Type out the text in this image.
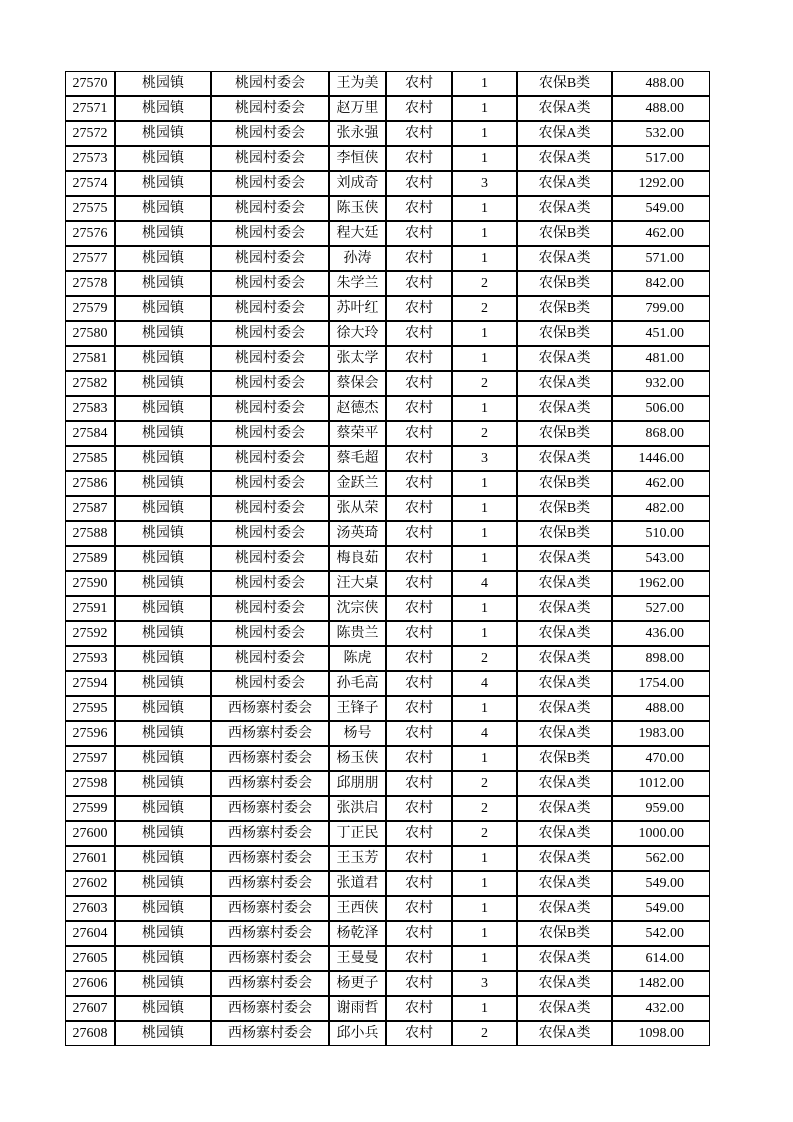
27570	桃园镇	桃园村委会	王为美	农村	1	农保B类	488.00
27571	桃园镇	桃园村委会	赵万里	农村	1	农保A类	488.00
27572	桃园镇	桃园村委会	张永强	农村	1	农保A类	532.00
27573	桃园镇	桃园村委会	李恒侠	农村	1	农保A类	517.00
27574	桃园镇	桃园村委会	刘成奇	农村	3	农保A类	1292.00
27575	桃园镇	桃园村委会	陈玉侠	农村	1	农保A类	549.00
27576	桃园镇	桃园村委会	程大廷	农村	1	农保B类	462.00
27577	桃园镇	桃园村委会	孙涛	农村	1	农保A类	571.00
27578	桃园镇	桃园村委会	朱学兰	农村	2	农保B类	842.00
27579	桃园镇	桃园村委会	苏叶红	农村	2	农保B类	799.00
27580	桃园镇	桃园村委会	徐大玲	农村	1	农保B类	451.00
27581	桃园镇	桃园村委会	张太学	农村	1	农保A类	481.00
27582	桃园镇	桃园村委会	蔡保会	农村	2	农保A类	932.00
27583	桃园镇	桃园村委会	赵德杰	农村	1	农保A类	506.00
27584	桃园镇	桃园村委会	蔡荣平	农村	2	农保B类	868.00
27585	桃园镇	桃园村委会	蔡毛超	农村	3	农保A类	1446.00
27586	桃园镇	桃园村委会	金跃兰	农村	1	农保B类	462.00
27587	桃园镇	桃园村委会	张从荣	农村	1	农保B类	482.00
27588	桃园镇	桃园村委会	汤英琦	农村	1	农保B类	510.00
27589	桃园镇	桃园村委会	梅良茹	农村	1	农保A类	543.00
27590	桃园镇	桃园村委会	汪大桌	农村	4	农保A类	1962.00
27591	桃园镇	桃园村委会	沈宗侠	农村	1	农保A类	527.00
27592	桃园镇	桃园村委会	陈贵兰	农村	1	农保A类	436.00
27593	桃园镇	桃园村委会	陈虎	农村	2	农保A类	898.00
27594	桃园镇	桃园村委会	孙毛高	农村	4	农保A类	1754.00
27595	桃园镇	西杨寨村委会	王锋子	农村	1	农保A类	488.00
27596	桃园镇	西杨寨村委会	杨号	农村	4	农保A类	1983.00
27597	桃园镇	西杨寨村委会	杨玉侠	农村	1	农保B类	470.00
27598	桃园镇	西杨寨村委会	邱朋朋	农村	2	农保A类	1012.00
27599	桃园镇	西杨寨村委会	张洪启	农村	2	农保A类	959.00
27600	桃园镇	西杨寨村委会	丁正民	农村	2	农保A类	1000.00
27601	桃园镇	西杨寨村委会	王玉芳	农村	1	农保A类	562.00
27602	桃园镇	西杨寨村委会	张道君	农村	1	农保A类	549.00
27603	桃园镇	西杨寨村委会	王西侠	农村	1	农保A类	549.00
27604	桃园镇	西杨寨村委会	杨乾泽	农村	1	农保B类	542.00
27605	桃园镇	西杨寨村委会	王曼曼	农村	1	农保A类	614.00
27606	桃园镇	西杨寨村委会	杨更子	农村	3	农保A类	1482.00
27607	桃园镇	西杨寨村委会	谢雨哲	农村	1	农保A类	432.00
27608	桃园镇	西杨寨村委会	邱小兵	农村	2	农保A类	1098.00
